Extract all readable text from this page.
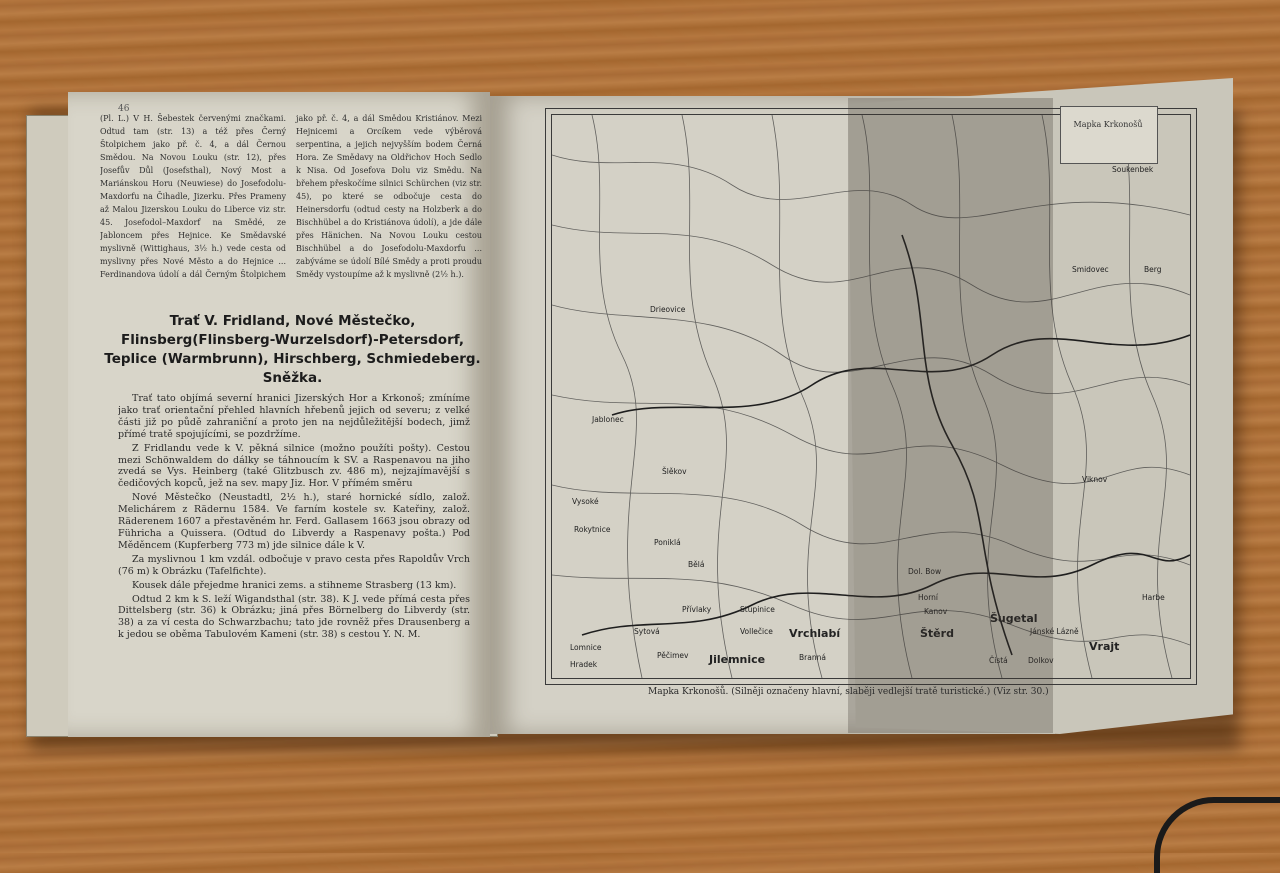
46
(Pl. L.) V H. Šebestek červenými značkami. Odtud tam (str. 13) a též přes Černý Štolpichem jako př. č. 4, a dál Černou Smědou. Na Novou Louku (str. 12), přes Josefův Důl (Josefsthal), Nový Most a Mariánskou Horu (Neuwiese) do Josefodolu-Maxdorfu na Čihadle, Jizerku. Přes Prameny až Malou Jizerskou Louku do Liberce viz str. 45. Josefodol–Maxdorf na Smědé, ze Jabloncem přes Hejnice. Ke Smědavské myslivně (Wittighaus, 3½ h.) vede cesta od myslivny přes Nové Město a do Hejnice ... Ferdinandova údolí a dál Černým Štolpichem jako př. č. 4, a dál Smědou Kristiánov. Mezi Hejnicemi a Orcíkem vede výběrová serpentina, a jejich nejvyšším bodem Černá Hora. Ze Smědavy na Oldřichov Hoch Sedlo k Nisa. Od Josefova Dolu viz Smědu. Na břehem přeskočíme silnici Schürchen (viz str. 45), po které se odbočuje cesta do Heinersdorfu (odtud cesty na Holzberk a do Bischhübel a do Kristiánova údolí), a jde dále přes Hänichen. Na Novou Louku cestou Bischhübel a do Josefodolu-Maxdorfu ... zabýváme se údolí Bílé Smědy a proti proudu Smědy vystoupíme až k myslivně (2½ h.).
Trať V. Fridland, Nové Městečko, Flinsberg(Flinsberg-Wurzelsdorf)-Petersdorf, Teplice (Warmbrunn), Hirschberg, Schmiedeberg. Sněžka.

Trať tato objímá severní hranici Jizerských Hor a Krkonoš; zmíníme jako trať orientační přehled hlavních hřebenů jejich od severu; z velké části již po půdě zahraniční a proto jen na nejdůležitější bodech, jimž přímé tratě spojujícími, se pozdržíme.

Z Fridlandu vede k V. pěkná silnice (možno použíti pošty). Cestou mezi Schönwaldem do dálky se táhnoucím k SV. a Raspenavou na jiho zvedá se Vys. Heinberg (také Glitzbusch zv. 486 m), nejzajímavější s čedičových kopců, jež na sev. mapy Jiz. Hor. V přímém směru

Nové Městečko (Neustadtl, 2½ h.), staré hornické sídlo, založ. Melichárem z Rädernu 1584. Ve farním kostele sv. Kateřiny, založ. Räderenem 1607 a přestavěném hr. Ferd. Gallasem 1663 jsou obrazy od Führicha a Quissera. (Odtud do Libverdy a Raspenavy pošta.) Pod Měděncem (Kupferberg 773 m) jde silnice dále k V.

Za myslivnou 1 km vzdál. odbočuje v pravo cesta přes Rapoldův Vrch (76 m) k Obrázku (Tafelfichte).

Kousek dále přejedme hranici zems. a stihneme Strasberg (13 km).

Odtud 2 km k S. leží Wigandsthal (str. 38). K J. vede přímá cesta přes Dittelsberg (str. 36) k Obrázku; jiná přes Börnelberg do Libverdy (str. 38) a za ví cesta do Schwarzbachu; tato jde rovněž přes Drausenberg a k jedou se oběma Tabulovém Kameni (str. 38) s cestou Y. N. M.

Jilemnice
Vrchlabí
Vrajt
Štěrd
Šugetal
Vysoké
Hradek
Pěčimev
Sytová	Vollečice
Branná
Stupinice
Poniklá
Bělá
Dol. Bow
Horní
Kanov
Čistá	Dolkov
Jánské Lázně
Harbe
Lomnice
Rokytnice
Jablonec
Přívlaky
Šlěkov
Drieovice
Soukenbek
Smidovec
Viknov
Berg
Mapka Krkonošů
Mapka Krkonošů. (Silněji označeny hlavní, slaběji vedlejší tratě turistické.) (Viz str. 30.)
